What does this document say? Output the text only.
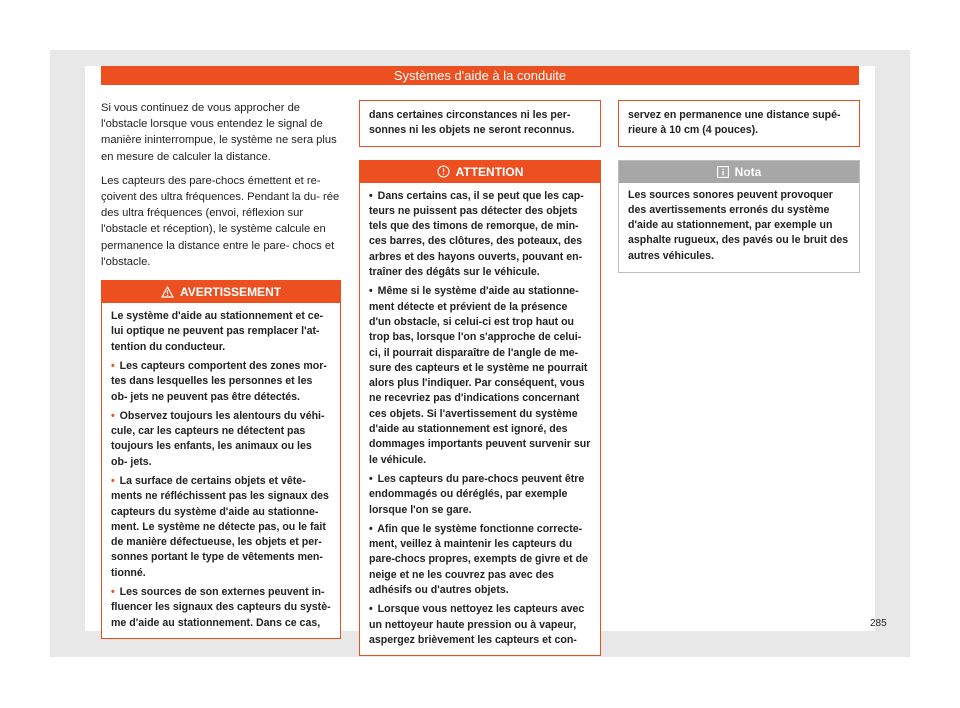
Systèmes d'aide à la conduite

Si vous continuez de vous approcher de l'obstacle lorsque vous entendez le signal de manière ininterrompue, le système ne sera plus en mesure de calculer la distance.

Les capteurs des pare-chocs émettent et re- çoivent des ultra fréquences. Pendant la du- rée des ultra fréquences (envoi, réflexion sur l'obstacle et réception), le système calcule en permanence la distance entre le pare- chocs et l'obstacle.

AVERTISSEMENT

Le système d'aide au stationnement et ce- lui optique ne peuvent pas remplacer l'at- tention du conducteur.

• Les capteurs comportent des zones mor- tes dans lesquelles les personnes et les ob- jets ne peuvent pas être détectés.

• Observez toujours les alentours du véhi- cule, car les capteurs ne détectent pas toujours les enfants, les animaux ou les ob- jets.

• La surface de certains objets et vête- ments ne réfléchissent pas les signaux des capteurs du système d'aide au stationne- ment. Le système ne détecte pas, ou le fait de manière défectueuse, les objets et per- sonnes portant le type de vêtements men- tionné.

• Les sources de son externes peuvent in- fluencer les signaux des capteurs du systè- me d'aide au stationnement. Dans ce cas,

dans certaines circonstances ni les per- sonnes ni les objets ne seront reconnus.
ATTENTION

• Dans certains cas, il se peut que les cap- teurs ne puissent pas détecter des objets tels que des timons de remorque, de min- ces barres, des clôtures, des poteaux, des arbres et des hayons ouverts, pouvant en- traîner des dégâts sur le véhicule.

• Même si le système d'aide au stationne- ment détecte et prévient de la présence d'un obstacle, si celui-ci est trop haut ou trop bas, lorsque l'on s'approche de celui- ci, il pourrait disparaître de l'angle de me- sure des capteurs et le système ne pourrait alors plus l'indiquer. Par conséquent, vous ne recevriez pas d'indications concernant ces objets. Si l'avertissement du système d'aide au stationnement est ignoré, des dommages importants peuvent survenir sur le véhicule.

• Les capteurs du pare-chocs peuvent être endommagés ou déréglés, par exemple lorsque l'on se gare.

• Afin que le système fonctionne correcte- ment, veillez à maintenir les capteurs du pare-chocs propres, exempts de givre et de neige et ne les couvrez pas avec des adhésifs ou d'autres objets.

• Lorsque vous nettoyez les capteurs avec un nettoyeur haute pression ou à vapeur, aspergez brièvement les capteurs et con-

servez en permanence une distance supé- rieure à 10 cm (4 pouces).
Nota

Les sources sonores peuvent provoquer des avertissements erronés du système d'aide au stationnement, par exemple un asphalte rugueux, des pavés ou le bruit des autres véhicules.

285
